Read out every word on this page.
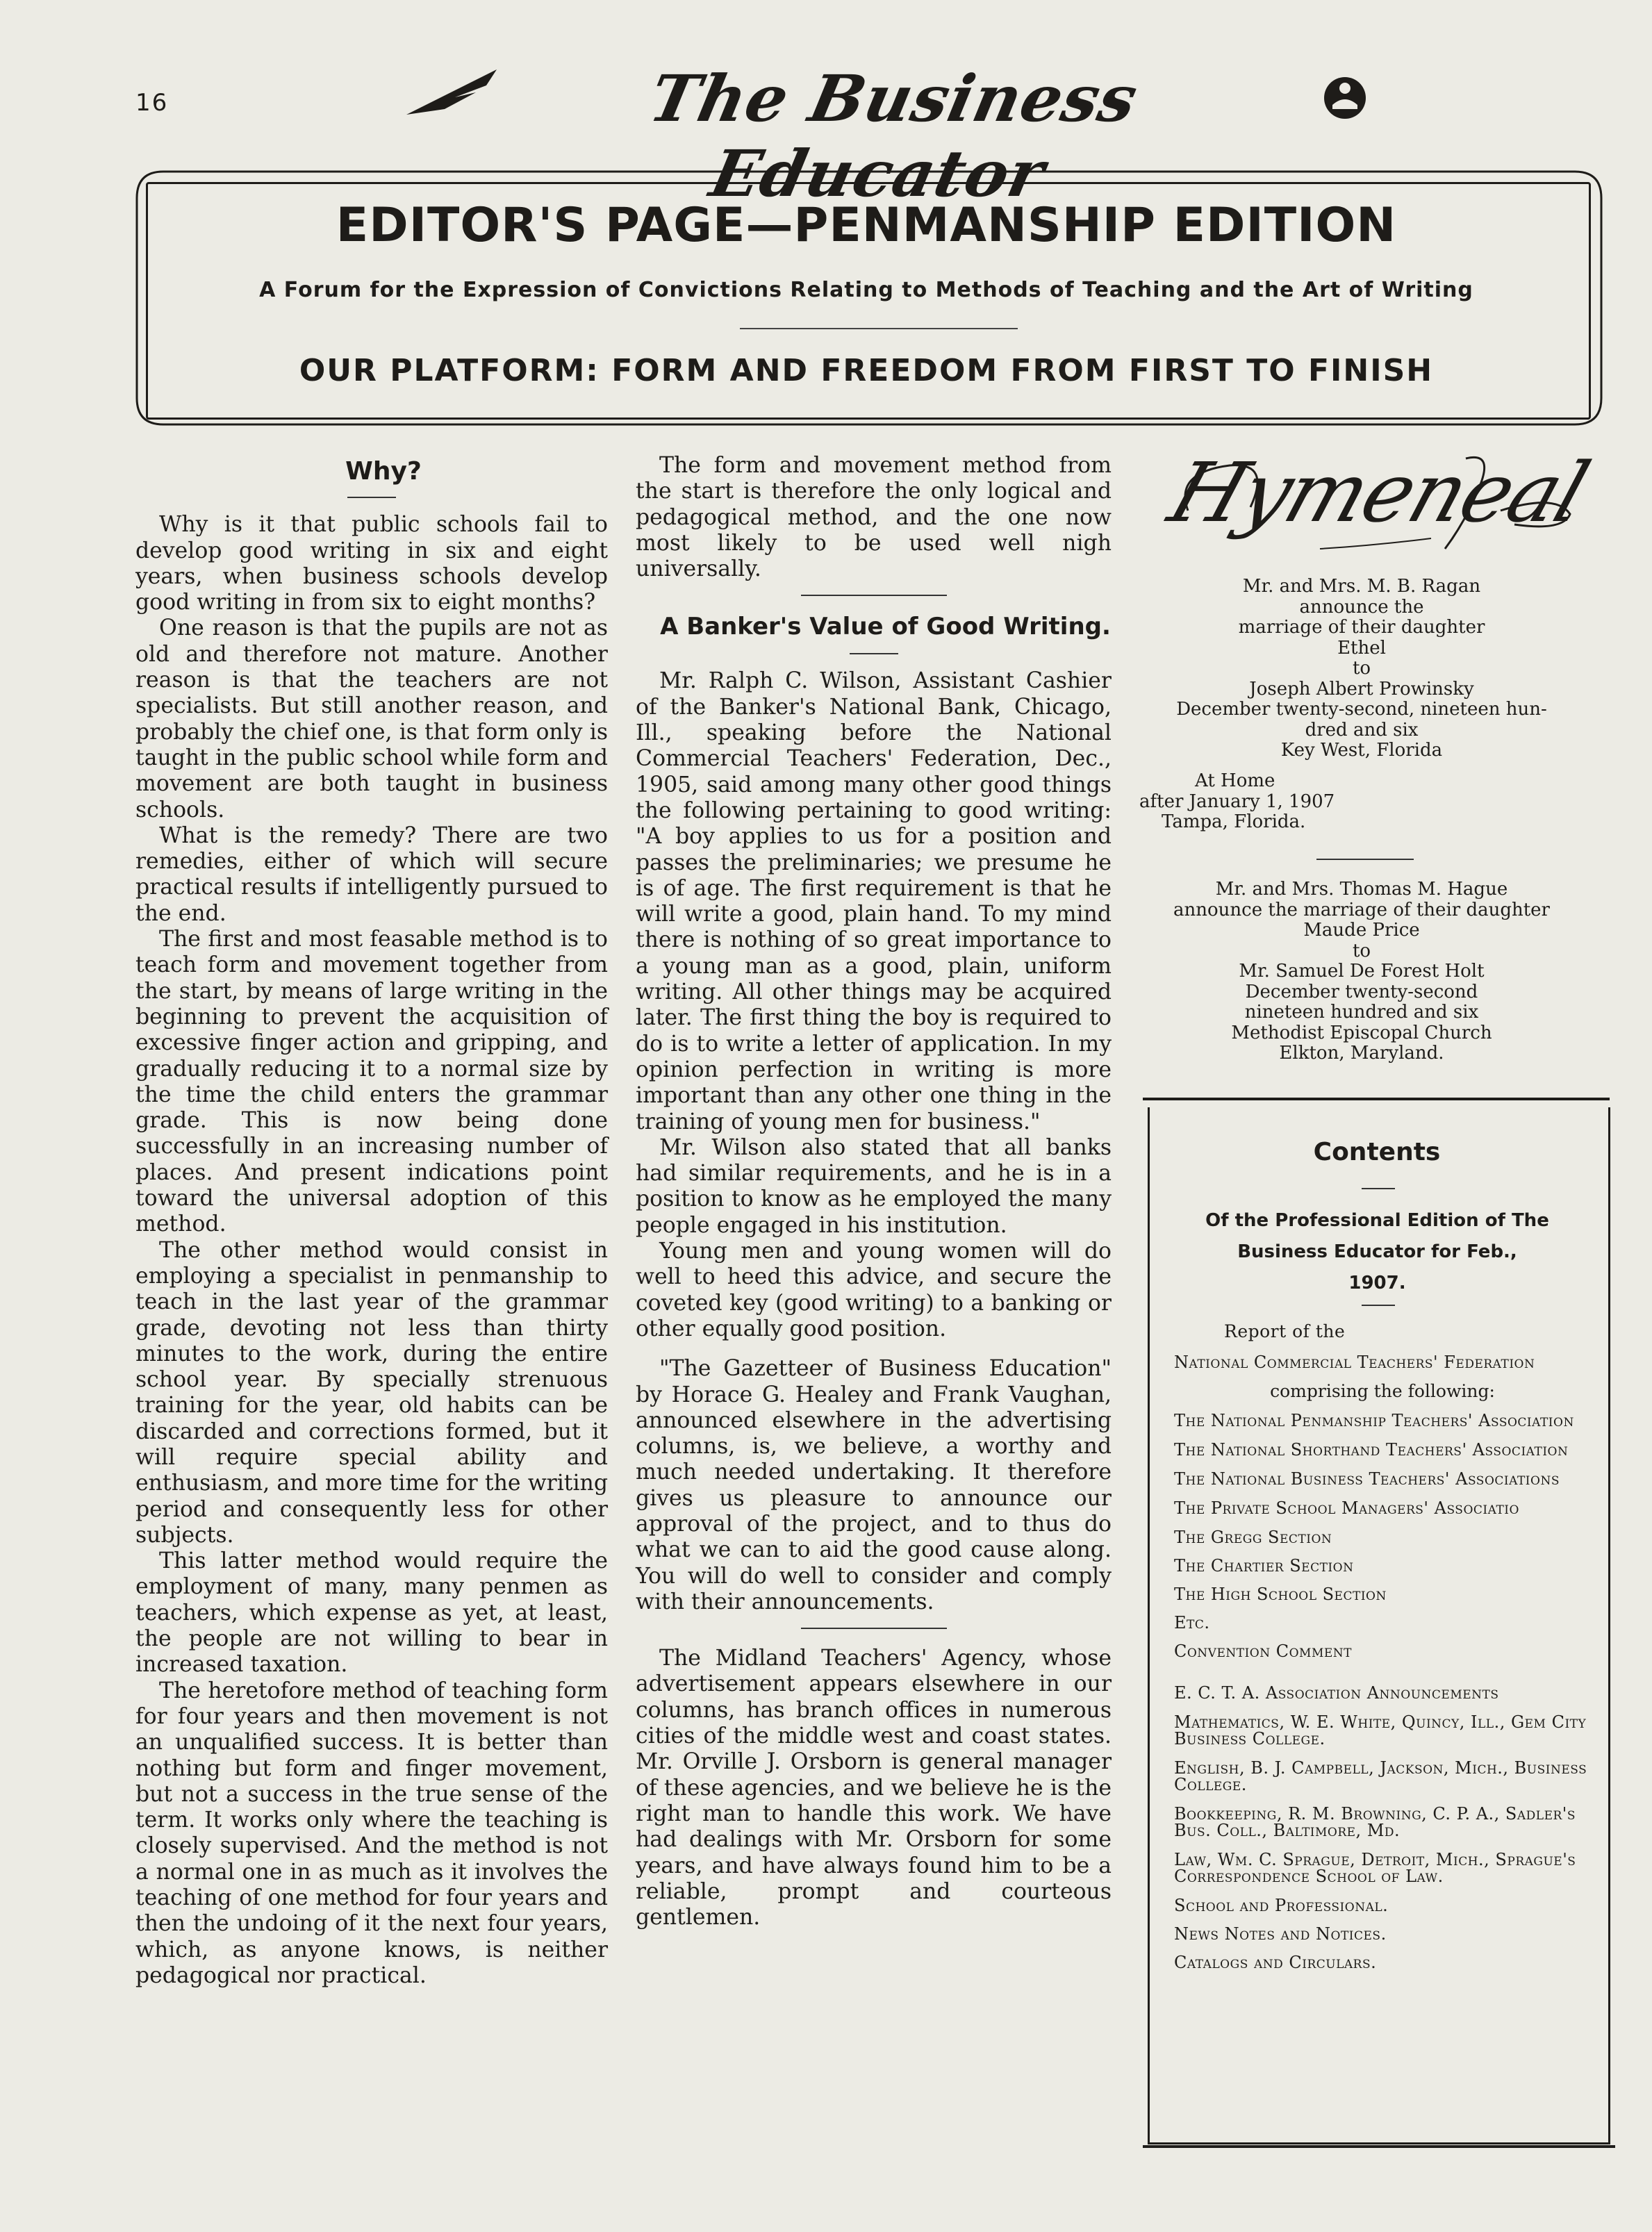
16	The Business Educator
EDITOR'S PAGE—PENMANSHIP EDITION
A Forum for the Expression of Convictions Relating to Methods of Teaching and the Art of Writing
OUR PLATFORM: FORM AND FREEDOM FROM FIRST TO FINISH

Why?

Why is it that public schools fail to develop good writing in six and eight years, when business schools develop good writing in from six to eight months?

One reason is that the pupils are not as old and therefore not mature. Another reason is that the teachers are not specialists. But still another reason, and probably the chief one, is that form only is taught in the public school while form and movement are both taught in business schools.

What is the remedy? There are two remedies, either of which will secure practical results if intelligently pursued to the end.

The first and most feasable method is to teach form and movement together from the start, by means of large writing in the beginning to prevent the acquisition of excessive finger action and gripping, and gradually reducing it to a normal size by the time the child enters the grammar grade. This is now being done successfully in an increasing number of places. And present indications point toward the universal adoption of this method.

The other method would consist in employing a specialist in penmanship to teach in the last year of the grammar grade, devoting not less than thirty minutes to the work, during the entire school year. By specially strenuous training for the year, old habits can be discarded and corrections formed, but it will require special ability and enthusiasm, and more time for the writing period and consequently less for other subjects.

This latter method would require the employment of many, many penmen as teachers, which expense as yet, at least, the people are not willing to bear in increased taxation.

The heretofore method of teaching form for four years and then movement is not an unqualified success. It is better than nothing but form and finger movement, but not a success in the true sense of the term. It works only where the teaching is closely supervised. And the method is not a normal one in as much as it involves the teaching of one method for four years and then the undoing of it the next four years, which, as anyone knows, is neither pedagogical nor practical.

The form and movement method from the start is therefore the only logical and pedagogical method, and the one now most likely to be used well nigh universally.

A Banker's Value of Good Writing.

Mr. Ralph C. Wilson, Assistant Cashier of the Banker's National Bank, Chicago, Ill., speaking before the National Commercial Teachers' Federation, Dec., 1905, said among many other good things the following pertaining to good writing: "A boy applies to us for a position and passes the preliminaries; we presume he is of age. The first requirement is that he will write a good, plain hand. To my mind there is nothing of so great importance to a young man as a good, plain, uniform writing. All other things may be acquired later. The first thing the boy is required to do is to write a letter of application. In my opinion perfection in writing is more important than any other one thing in the training of young men for business."

Mr. Wilson also stated that all banks had similar requirements, and he is in a position to know as he employed the many people engaged in his institution.

Young men and young women will do well to heed this advice, and secure the coveted key (good writing) to a banking or other equally good position.

"The Gazetteer of Business Education" by Horace G. Healey and Frank Vaughan, announced elsewhere in the advertising columns, is, we believe, a worthy and much needed undertaking. It therefore gives us pleasure to announce our approval of the project, and to thus do what we can to aid the good cause along. You will do well to consider and comply with their announcements.

The Midland Teachers' Agency, whose advertisement appears elsewhere in our columns, has branch offices in numerous cities of the middle west and coast states. Mr. Orville J. Orsborn is general manager of these agencies, and we believe he is the right man to handle this work. We have had dealings with Mr. Orsborn for some years, and have always found him to be a reliable, prompt and courteous gentlemen.

Hymeneal
Mr. and Mrs. M. B. Ragan
announce the
marriage of their daughter
Ethel
to
Joseph Albert Prowinsky
December twenty-second, nineteen hun-
dred and six
Key West, Florida
At Home
after January 1, 1907
Tampa, Florida.
Mr. and Mrs. Thomas M. Hague
announce the marriage of their daughter
Maude Price
to
Mr. Samuel De Forest Holt
December twenty-second
nineteen hundred and six
Methodist Episcopal Church
Elkton, Maryland.
Contents
Of the Professional Edition of The
Business Educator for Feb.,
1907.

Report of the

National Commercial Teachers' Federation

comprising the following:

The National Penmanship Teachers' Association

The National Shorthand Teachers' Association

The National Business Teachers' Associations

The Private School Managers' Associatio

The Gregg Section

The Chartier Section

The High School Section

Etc.

Convention Comment

E. C. T. A. Association Announcements

Mathematics, W. E. White, Quincy, Ill., Gem City Business College.

English, B. J. Campbell, Jackson, Mich., Business College.

Bookkeeping, R. M. Browning, C. P. A., Sadler's Bus. Coll., Baltimore, Md.

Law, Wm. C. Sprague, Detroit, Mich., Sprague's Correspondence School of Law.

School and Professional.

News Notes and Notices.

Catalogs and Circulars.
